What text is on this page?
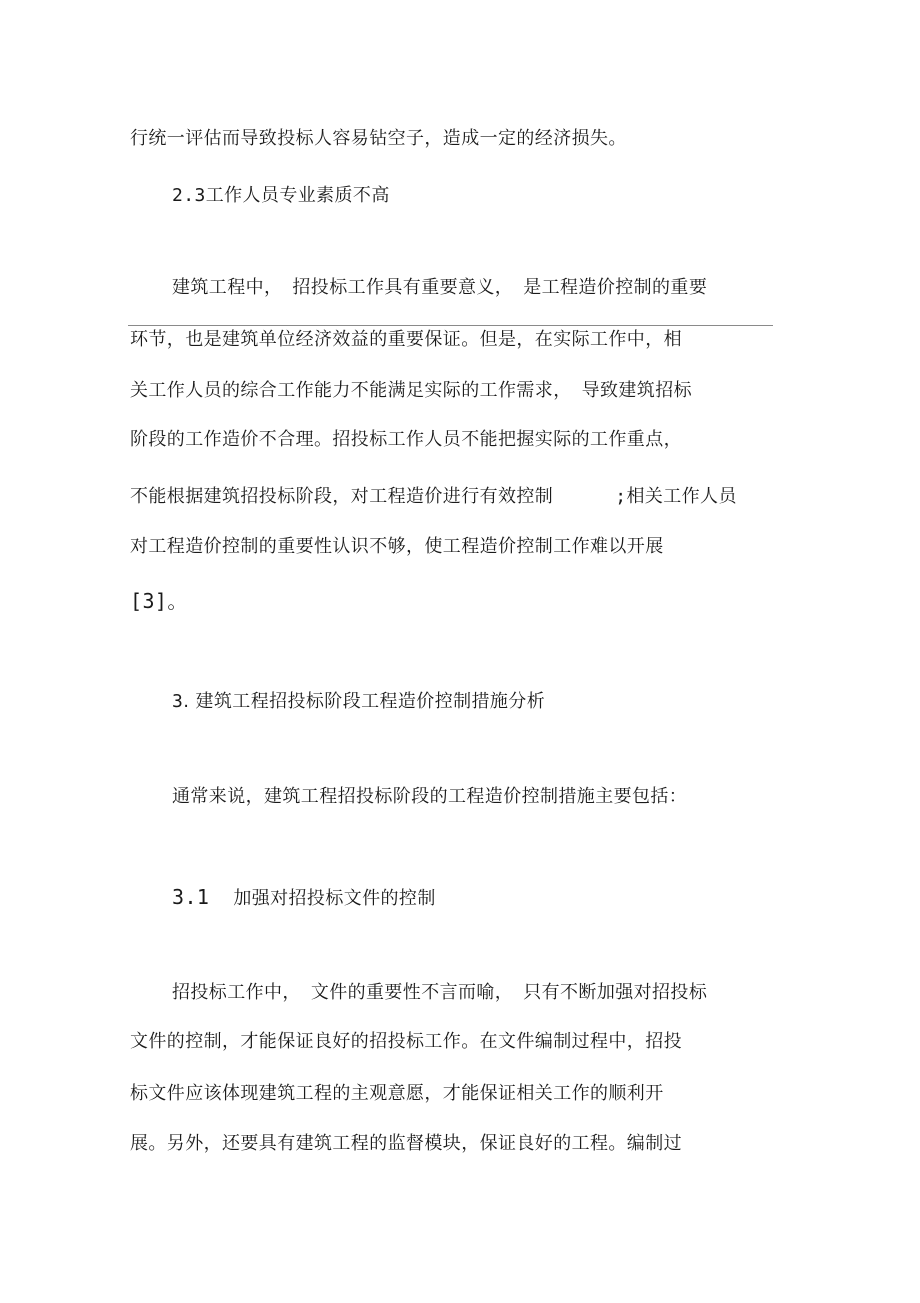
行统一评估而导致投标人容易钻空子，造成一定的经济损失。
2.3工作人员专业素质不高
建筑工程中， 招投标工作具有重要意义， 是工程造价控制的重要
环节，也是建筑单位经济效益的重要保证。但是，在实际工作中，相
关工作人员的综合工作能力不能满足实际的工作需求， 导致建筑招标
阶段的工作造价不合理。招投标工作人员不能把握实际的工作重点，
不能根据建筑招投标阶段，对工程造价进行有效控制	;相关工作人员
对工程造价控制的重要性认识不够，使工程造价控制工作难以开展
[3]。
3. 建筑工程招投标阶段工程造价控制措施分析
通常来说，建筑工程招投标阶段的工程造价控制措施主要包括：
3.1 加强对招投标文件的控制
招投标工作中， 文件的重要性不言而喻， 只有不断加强对招投标
文件的控制，才能保证良好的招投标工作。在文件编制过程中，招投
标文件应该体现建筑工程的主观意愿，才能保证相关工作的顺利开
展。另外，还要具有建筑工程的监督模块，保证良好的工程。编制过
